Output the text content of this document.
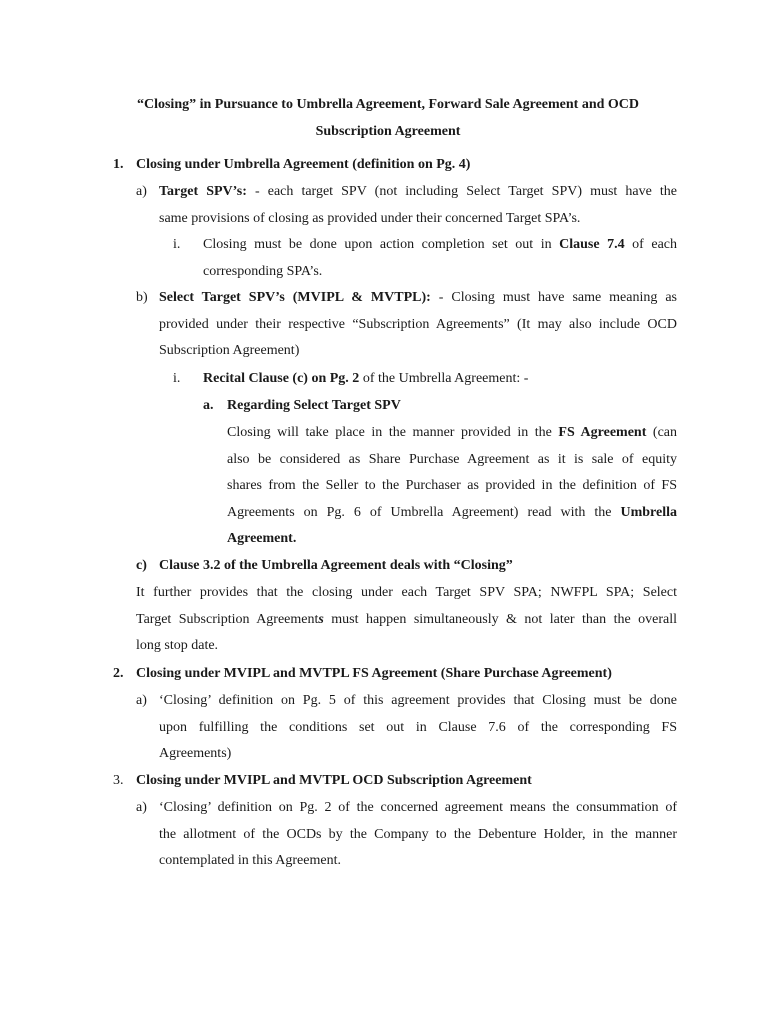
“Closing” in Pursuance to Umbrella Agreement, Forward Sale Agreement and OCD
Subscription Agreement
1. Closing under Umbrella Agreement (definition on Pg. 4)
a) Target SPV’s: - each target SPV (not including Select Target SPV) must have the
same provisions of closing as provided under their concerned Target SPA’s.
i. Closing must be done upon action completion set out in Clause 7.4 of each
corresponding SPA’s.
b) Select Target SPV’s (MVIPL & MVTPL): - Closing must have same meaning as
provided under their respective “Subscription Agreements” (It may also include OCD
Subscription Agreement)
i. Recital Clause (c) on Pg. 2 of the Umbrella Agreement: -
a. Regarding Select Target SPV
Closing will take place in the manner provided in the FS Agreement (can
also be considered as Share Purchase Agreement as it is sale of equity
shares from the Seller to the Purchaser as provided in the definition of FS
Agreements on Pg. 6 of Umbrella Agreement) read with the Umbrella
Agreement.
c) Clause 3.2 of the Umbrella Agreement deals with “Closing”
It further provides that the closing under each Target SPV SPA; NWFPL SPA; Select
Target Subscription Agreements must happen simultaneously & not later than the overall
long stop date.
2. Closing under MVIPL and MVTPL FS Agreement (Share Purchase Agreement)
a) ‘Closing’ definition on Pg. 5 of this agreement provides that Closing must be done
upon fulfilling the conditions set out in Clause 7.6 of the corresponding FS
Agreements)
3. Closing under MVIPL and MVTPL OCD Subscription Agreement
a) ‘Closing’ definition on Pg. 2 of the concerned agreement means the consummation of
the allotment of the OCDs by the Company to the Debenture Holder, in the manner
contemplated in this Agreement.
